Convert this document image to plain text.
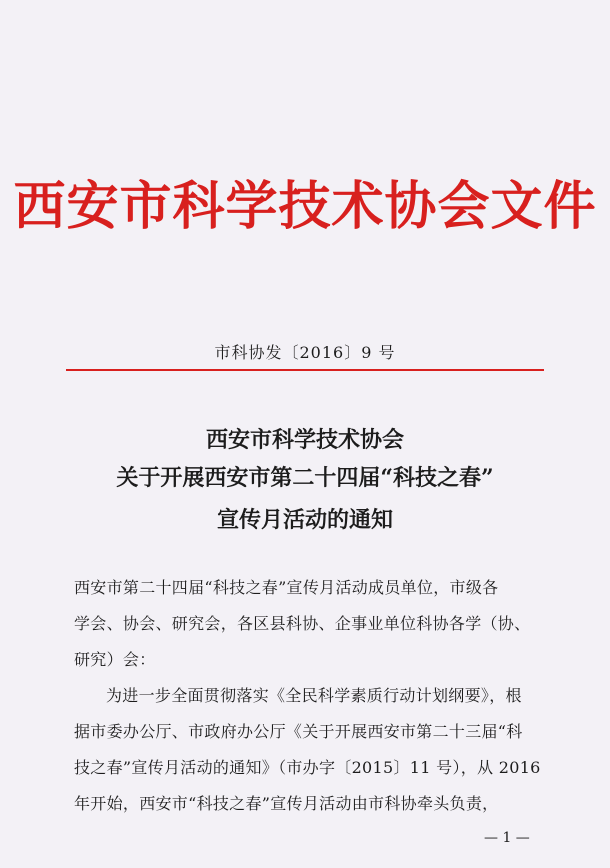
西安市科学技术协会文件
市科协发〔2016〕9 号
西安市科学技术协会
关于开展西安市第二十四届“科技之春”
宣传月活动的通知
西安市第二十四届“科技之春”宣传月活动成员单位，市级各
学会、协会、研究会，各区县科协、企事业单位科协各学（协、
研究）会：
为进一步全面贯彻落实《全民科学素质行动计划纲要》，根
据市委办公厅、市政府办公厅《关于开展西安市第二十三届“科
技之春”宣传月活动的通知》（市办字〔2015〕11 号），从 2016
年开始，西安市“科技之春”宣传月活动由市科协牵头负责，
— 1 —
